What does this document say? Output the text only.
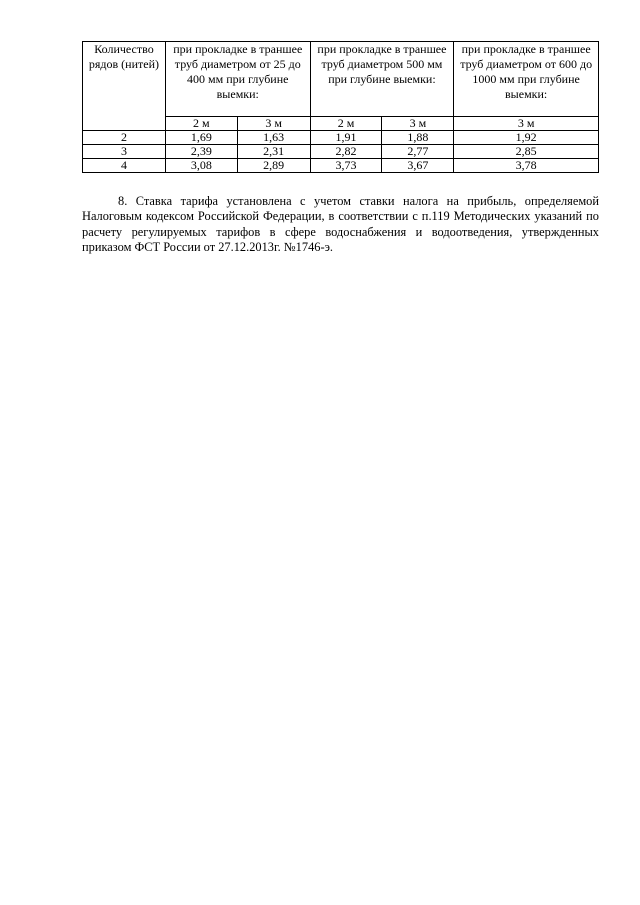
Количество рядов (нитей)	при прокладке в траншее труб диаметром от 25 до 400 мм при глубине выемки:		при прокладке в траншее труб диаметром 500 мм при глубине выемки:		при прокладке в траншее труб диаметром от 600 до 1000 мм при глубине выемки:
	2 м	3 м	2 м	3 м	3 м
2	1,69	1,63	1,91	1,88	1,92
3	2,39	2,31	2,82	2,77	2,85
4	3,08	2,89	3,73	3,67	3,78

8. Ставка тарифа установлена с учетом ставки налога на прибыль, определяемой Налоговым кодексом Российской Федерации, в соответствии с п.119 Методических указаний по расчету регулируемых тарифов в сфере водоснабжения и водоотведения, утвержденных приказом ФСТ России от 27.12.2013г. №1746-э.
